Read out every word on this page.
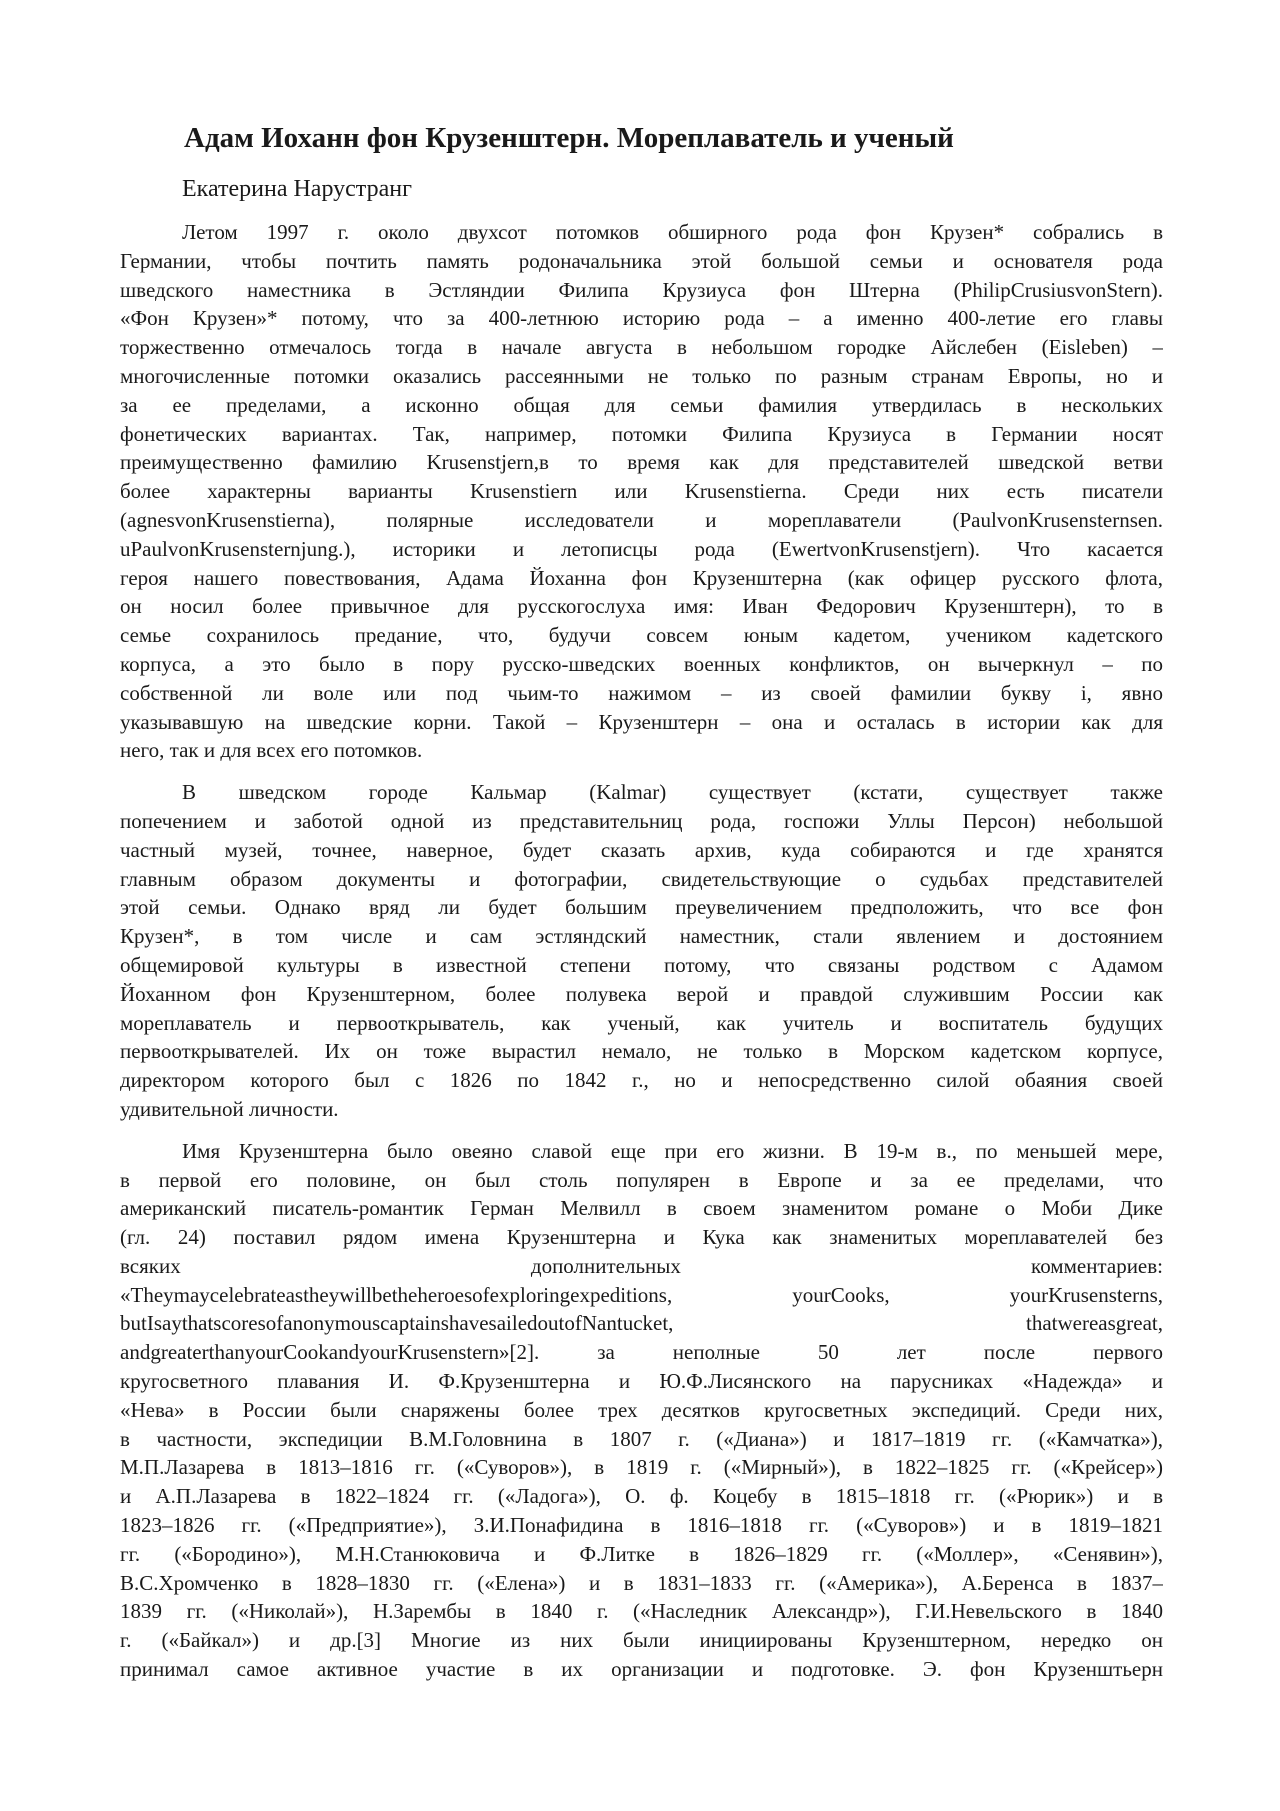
Адам Иоханн фон Крузенштерн. Мореплаватель и ученый
Екатерина Нарустранг
Летом 1997 г. около двухсот потомков обширного рода фон Крузен* собрались в
Германии, чтобы почтить память родоначальника этой большой семьи и основателя рода
шведского наместника в Эстляндии Филипа Крузиуса фон Штерна (PhilipCrusiusvonStern).
«Фон Крузен»* потому, что за 400-летнюю историю рода – а именно 400-летие его главы
торжественно отмечалось тогда в начале августа в небольшом городке Айслебен (Eisleben) –
многочисленные потомки оказались рассеянными не только по разным странам Европы, но и
за ее пределами, а исконно общая для семьи фамилия утвердилась в нескольких
фонетических вариантах. Так, например, потомки Филипа Крузиуса в Германии носят
преимущественно фамилию Krusenstjern,в то время как для представителей шведской ветви
более характерны варианты Krusenstiern или Krusenstierna. Среди них есть писатели
(agnesvonKrusenstierna), полярные исследователи и мореплаватели (PaulvonKrusensternsen.
uPaulvonKrusensternjung.), историки и летописцы рода (EwertvonKrusenstjern). Что касается
героя нашего повествования, Адама Йоханна фон Крузенштерна (как офицер русского флота,
он носил более привычное для русскогослуха имя: Иван Федорович Крузенштерн), то в
семье сохранилось предание, что, будучи совсем юным кадетом, учеником кадетского
корпуса, а это было в пору русско-шведских военных конфликтов, он вычеркнул – по
собственной ли воле или под чьим-то нажимом – из своей фамилии букву i, явно
указывавшую на шведские корни. Такой – Крузенштерн – она и осталась в истории как для
него, так и для всех его потомков.
В шведском городе Кальмар (Kalmar) существует (кстати, существует также
попечением и заботой одной из представительниц рода, госпожи Уллы Персон) небольшой
частный музей, точнее, наверное, будет сказать архив, куда собираются и где хранятся
главным образом документы и фотографии, свидетельствующие о судьбах представителей
этой семьи. Однако вряд ли будет большим преувеличением предположить, что все фон
Крузен*, в том числе и сам эстляндский наместник, стали явлением и достоянием
общемировой культуры в известной степени потому, что связаны родством с Адамом
Йоханном фон Крузенштерном, более полувека верой и правдой служившим России как
мореплаватель и первооткрыватель, как ученый, как учитель и воспитатель будущих
первооткрывателей. Их он тоже вырастил немало, не только в Морском кадетском корпусе,
директором которого был с 1826 по 1842 г., но и непосредственно силой обаяния своей
удивительной личности.
Имя Крузенштерна было овеяно славой еще при его жизни. В 19-м в., по меньшей мере,
в первой его половине, он был столь популярен в Европе и за ее пределами, что
американский писатель-романтик Герман Мелвилл в своем знаменитом романе о Моби Дике
(гл. 24) поставил рядом имена Крузенштерна и Кука как знаменитых мореплавателей без
всяких дополнительных комментариев:
«Theymaycelebrateastheywillbetheheroesofexploringexpeditions, yourCooks, yourKrusensterns,
butIsaythatscoresofanonymouscaptainshavesailedoutofNantucket, thatwereasgreat,
andgreaterthanyourCookandyourKrusenstern»[2]. за неполные 50 лет после первого
кругосветного плавания И. Ф.Крузенштерна и Ю.Ф.Лисянского на парусниках «Надежда» и
«Нева» в России были снаряжены более трех десятков кругосветных экспедиций. Среди них,
в частности, экспедиции В.М.Головнина в 1807 г. («Диана») и 1817–1819 гг. («Камчатка»),
М.П.Лазарева в 1813–1816 гг. («Суворов»), в 1819 г. («Мирный»), в 1822–1825 гг. («Крейсер»)
и А.П.Лазарева в 1822–1824 гг. («Ладога»), О. ф. Коцебу в 1815–1818 гг. («Рюрик») и в
1823–1826 гг. («Предприятие»), З.И.Понафидина в 1816–1818 гг. («Суворов») и в 1819–1821
гг. («Бородино»), М.Н.Станюковича и Ф.Литке в 1826–1829 гг. («Моллер», «Сенявин»),
В.С.Хромченко в 1828–1830 гг. («Елена») и в 1831–1833 гг. («Америка»), А.Беренса в 1837–
1839 гг. («Николай»), Н.Зарембы в 1840 г. («Наследник Александр»), Г.И.Невельского в 1840
г. («Байкал») и др.[3] Многие из них были инициированы Крузенштерном, нередко он
принимал самое активное участие в их организации и подготовке. Э. фон Крузенштьерн
